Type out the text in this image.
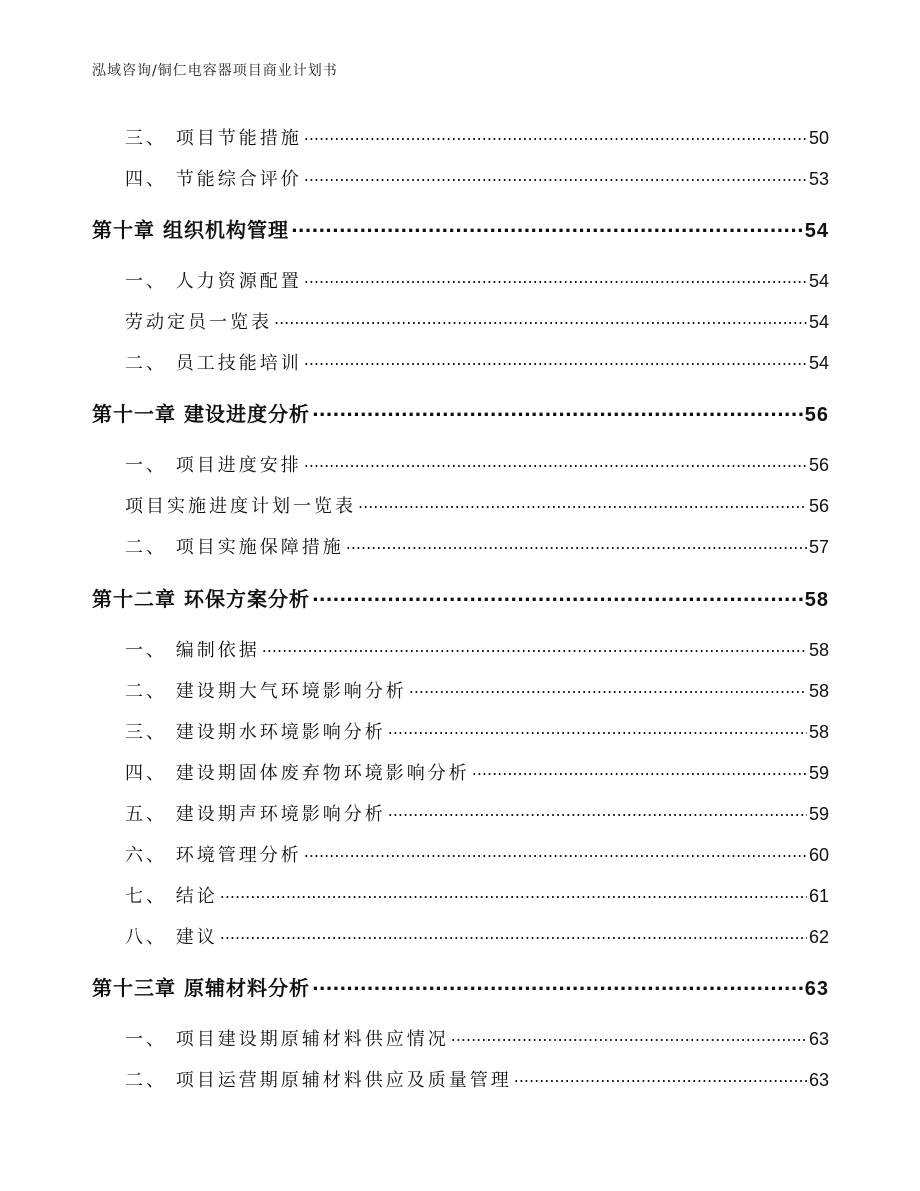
泓域咨询/铜仁电容器项目商业计划书
三、 项目节能措施 .....	50
四、 节能综合评价 .....	53
第十章 组织机构管理 .....	54
一、 人力资源配置 .....	54
劳动定员一览表 .....	54
二、 员工技能培训 .....	54
第十一章 建设进度分析 .....	56
一、 项目进度安排 .....	56
项目实施进度计划一览表 .....	56
二、 项目实施保障措施 .....	57
第十二章 环保方案分析 .....	58
一、 编制依据 .....	58
二、 建设期大气环境影响分析 .....	58
三、 建设期水环境影响分析 .....	58
四、 建设期固体废弃物环境影响分析 .....	59
五、 建设期声环境影响分析 .....	59
六、 环境管理分析 .....	60
七、 结论 .....	61
八、 建议 .....	62
第十三章 原辅材料分析 .....	63
一、 项目建设期原辅材料供应情况 .....	63
二、 项目运营期原辅材料供应及质量管理 .....	63
